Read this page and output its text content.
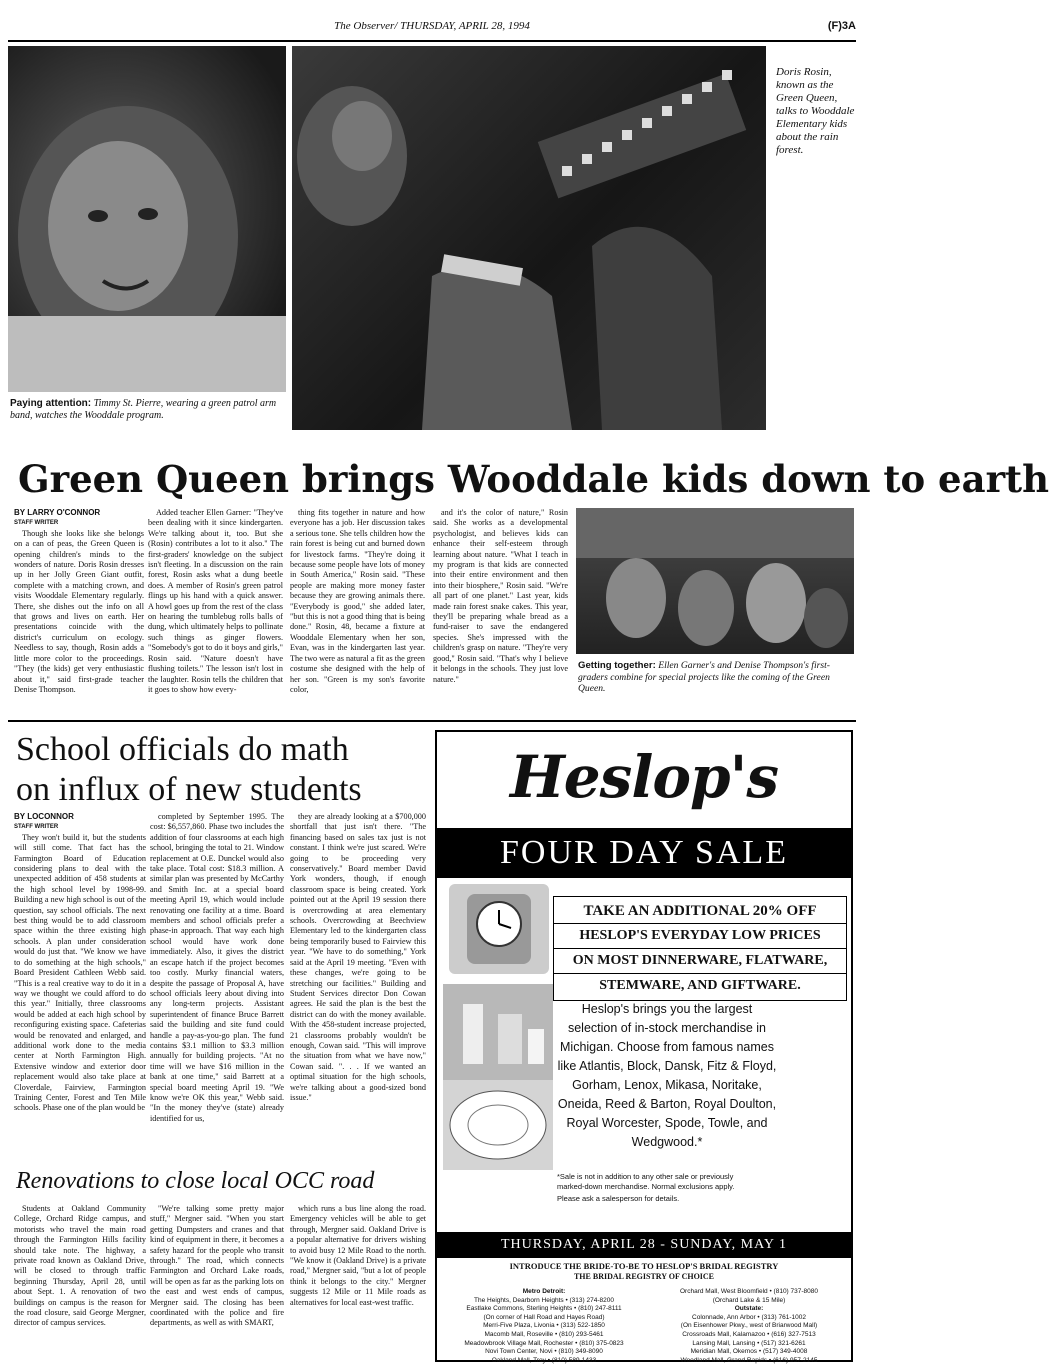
The Observer/ THURSDAY, APRIL 28, 1994	(F)3A
Paying attention: Timmy St. Pierre, wearing a green patrol arm band, watches the Wooddale program.
Doris Rosin, known as the Green Queen, talks to Wooddale Elementary kids about the rain forest.
Green Queen brings Wooddale kids down to earth
BY LARRY O'CONNOR
STAFF WRITER

Though she looks like she belongs on a can of peas, the Green Queen is opening children's minds to the wonders of nature. Doris Rosin dresses up in her Jolly Green Giant outfit, complete with a matching crown, and visits Wooddale Elementary regularly. There, she dishes out the info on all that grows and lives on earth. Her presentations coincide with the district's curriculum on ecology. Needless to say, though, Rosin adds a little more color to the proceedings. "They (the kids) get very enthusiastic about it," said first-grade teacher Denise Thompson.

Added teacher Ellen Garner: "They've been dealing with it since kindergarten. We're talking about it, too. But she (Rosin) contributes a lot to it also." The first-graders' knowledge on the subject isn't fleeting. In a discussion on the rain forest, Rosin asks what a dung beetle does. A member of Rosin's green patrol flings up his hand with a quick answer. A howl goes up from the rest of the class on hearing the tumblebug rolls balls of dung, which ultimately helps to pollinate such things as ginger flowers. "Somebody's got to do it boys and girls," Rosin said. "Nature doesn't have flushing toilets." The lesson isn't lost in the laughter. Rosin tells the children that it goes to show how every-

thing fits together in nature and how everyone has a job. Her discussion takes a serious tone. She tells children how the rain forest is being cut and burned down for livestock farms. "They're doing it because some people have lots of money in South America," Rosin said. "These people are making more money faster because they are growing animals there. "Everybody is good," she added later, "but this is not a good thing that is being done." Rosin, 48, became a fixture at Wooddale Elementary when her son, Evan, was in the kindergarten last year. The two were as natural a fit as the green costume she designed with the help of her son. "Green is my son's favorite color,

and it's the color of nature," Rosin said. She works as a developmental psychologist, and believes kids can enhance their self-esteem through learning about nature. "What I teach in my program is that kids are connected into their entire environment and then into their biosphere," Rosin said. "We're all part of one planet." Last year, kids made rain forest snake cakes. This year, they'll be preparing whale bread as a fund-raiser to save the endangered species. She's impressed with the children's grasp on nature. "They're very good," Rosin said. "That's why I believe it belongs in the schools. They just love nature."

Getting together: Ellen Garner's and Denise Thompson's first-graders combine for special projects like the coming of the Green Queen.
School officials do math
on influx of new students
BY LOCONNOR
STAFF WRITER

They won't build it, but the students will still come. That fact has the Farmington Board of Education considering plans to deal with the unexpected addition of 458 students at the high school level by 1998-99. Building a new high school is out of the question, say school officials. The next best thing would be to add classroom space within the three existing high schools. A plan under consideration would do just that. "We know we have to do something at the high schools," Board President Cathleen Webb said. "This is a real creative way to do it in a way we thought we could afford to do this year." Initially, three classrooms would be added at each high school by reconfiguring existing space. Cafeterias would be renovated and enlarged, and additional work done to the media center at North Farmington High. Extensive window and exterior door replacement would also take place at Cloverdale, Fairview, Farmington Training Center, Forest and Ten Mile schools. Phase one of the plan would be

completed by September 1995. The cost: $6,557,860. Phase two includes the addition of four classrooms at each high school, bringing the total to 21. Window replacement at O.E. Dunckel would also take place. Total cost: $18.3 million. A similar plan was presented by McCarthy and Smith Inc. at a special board meeting April 19, which would include renovating one facility at a time. Board members and school officials prefer a phase-in approach. That way each high school would have work done immediately. Also, it gives the district an escape hatch if the project becomes too costly. Murky financial waters, despite the passage of Proposal A, have school officials leery about diving into any long-term projects. Assistant superintendent of finance Bruce Barrett said the building and site fund could handle a pay-as-you-go plan. The fund contains $3.1 million to $3.3 million annually for building projects. "At no time will we have $16 million in the bank at one time," said Barrett at a special board meeting April 19. "We know we're OK this year," Webb said. "In the money they've (state) already identified for us,

they are already looking at a $700,000 shortfall that just isn't there. "The financing based on sales tax just is not constant. I think we're just scared. We're going to be proceeding very conservatively." Board member David York wonders, though, if enough classroom space is being created. York pointed out at the April 19 session there is overcrowding at area elementary schools. Overcrowding at Beechview Elementary led to the kindergarten class being temporarily bused to Fairview this year. "We have to do something," York said at the April 19 meeting. "Even with these changes, we're going to be stretching our facilities." Building and Student Services director Don Cowan agrees. He said the plan is the best the district can do with the money available. With the 458-student increase projected, 21 classrooms probably wouldn't be enough, Cowan said. "This will improve the situation from what we have now," Cowan said. ". . . If we wanted an optimal situation for the high schools, we're talking about a good-sized bond issue."

Renovations to close local OCC road

Students at Oakland Community College, Orchard Ridge campus, and motorists who travel the main road through the Farmington Hills facility should take note. The highway, a private road known as Oakland Drive, will be closed to through traffic beginning Thursday, April 28, until about Sept. 1. A renovation of two buildings on campus is the reason for the road closure, said George Mergner, director of campus services.

"We're talking some pretty major stuff," Mergner said. "When you start getting Dumpsters and cranes and that kind of equipment in there, it becomes a safety hazard for the people who transit through." The road, which connects Farmington and Orchard Lake roads, will be open as far as the parking lots on the east and west ends of campus, Mergner said. The closing has been coordinated with the police and fire departments, as well as with SMART,

which runs a bus line along the road. Emergency vehicles will be able to get through, Mergner said. Oakland Drive is a popular alternative for drivers wishing to avoid busy 12 Mile Road to the north. "We know it (Oakland Drive) is a private road," Mergner said, "but a lot of people think it belongs to the city." Mergner suggests 12 Mile or 11 Mile roads as alternatives for local east-west traffic.

Heslop's
FOUR DAY SALE
TAKE AN ADDITIONAL 20% OFF
HESLOP'S EVERYDAY LOW PRICES
ON MOST DINNERWARE, FLATWARE,
STEMWARE, AND GIFTWARE.
Heslop's brings you the largest selection of in-stock merchandise in Michigan. Choose from famous names like Atlantis, Block, Dansk, Fitz & Floyd, Gorham, Lenox, Mikasa, Noritake, Oneida, Reed & Barton, Royal Doulton, Royal Worcester, Spode, Towle, and Wedgwood.*
*Sale is not in addition to any other sale or previously marked-down merchandise. Normal exclusions apply.
Please ask a salesperson for details.
THURSDAY, APRIL 28 - SUNDAY, MAY 1
INTRODUCE THE BRIDE-TO-BE TO HESLOP'S BRIDAL REGISTRY
THE BRIDAL REGISTRY OF CHOICE
Metro Detroit:
The Heights, Dearborn Heights • (313) 274-8200
Eastlake Commons, Sterling Heights • (810) 247-8111
(On corner of Hall Road and Hayes Road)
Merri-Five Plaza, Livonia • (313) 522-1850
Macomb Mall, Roseville • (810) 293-5461
Meadowbrook Village Mall, Rochester • (810) 375-0823
Novi Town Center, Novi • (810) 349-8090
Oakland Mall, Troy • (810) 589-1433
Orchard Mall, West Bloomfield • (810) 737-8080
(Orchard Lake & 15 Mile)
Outstate:
Colonnade, Ann Arbor • (313) 761-1002
(On Eisenhower Pkwy., west of Briarwood Mall)
Crossroads Mall, Kalamazoo • (616) 327-7513
Lansing Mall, Lansing • (517) 321-6261
Meridian Mall, Okemos • (517) 349-4008
Woodland Mall, Grand Rapids • (616) 957-2145
